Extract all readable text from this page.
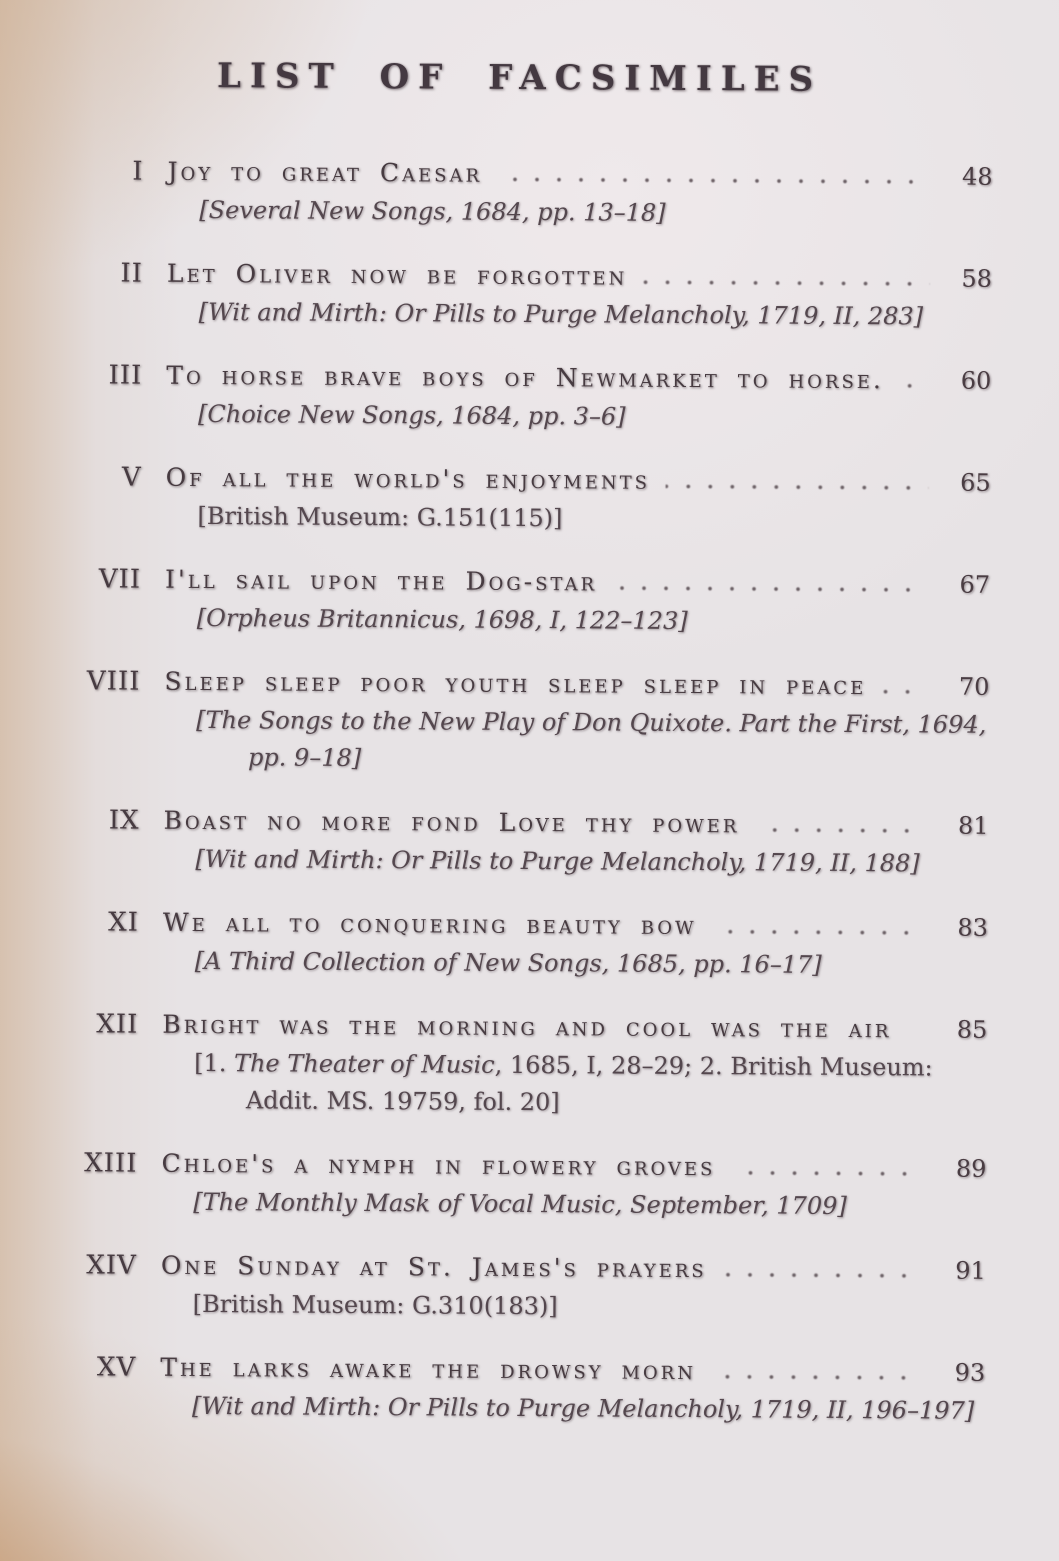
LIST OF FACSIMILES
I Joy to great Caesar	48
[Several New Songs, 1684, pp. 13–18]
II Let Oliver now be forgotten	58
[Wit and Mirth: Or Pills to Purge Melancholy, 1719, II, 283]
III To horse brave boys of Newmarket to horse.	60
[Choice New Songs, 1684, pp. 3–6]
V Of all the world's enjoyments	65
[British Museum: G.151(115)]
VII I'll sail upon the Dog-star	67
[Orpheus Britannicus, 1698, I, 122–123]
VIII Sleep sleep poor youth sleep sleep in peace	70
[The Songs to the New Play of Don Quixote. Part the First, 1694, pp. 9–18]
IX Boast no more fond Love thy power	81
[Wit and Mirth: Or Pills to Purge Melancholy, 1719, II, 188]
XI We all to conquering beauty bow	83
[A Third Collection of New Songs, 1685, pp. 16–17]
XII Bright was the morning and cool was the air	85
[1. The Theater of Music, 1685, I, 28–29; 2. British Museum: Addit. MS. 19759, fol. 20]
XIII Chloe's a nymph in flowery groves	89
[The Monthly Mask of Vocal Music, September, 1709]
XIV One Sunday at St. James's prayers	91
[British Museum: G.310(183)]
XV The larks awake the drowsy morn	93
[Wit and Mirth: Or Pills to Purge Melancholy, 1719, II, 196–197]
